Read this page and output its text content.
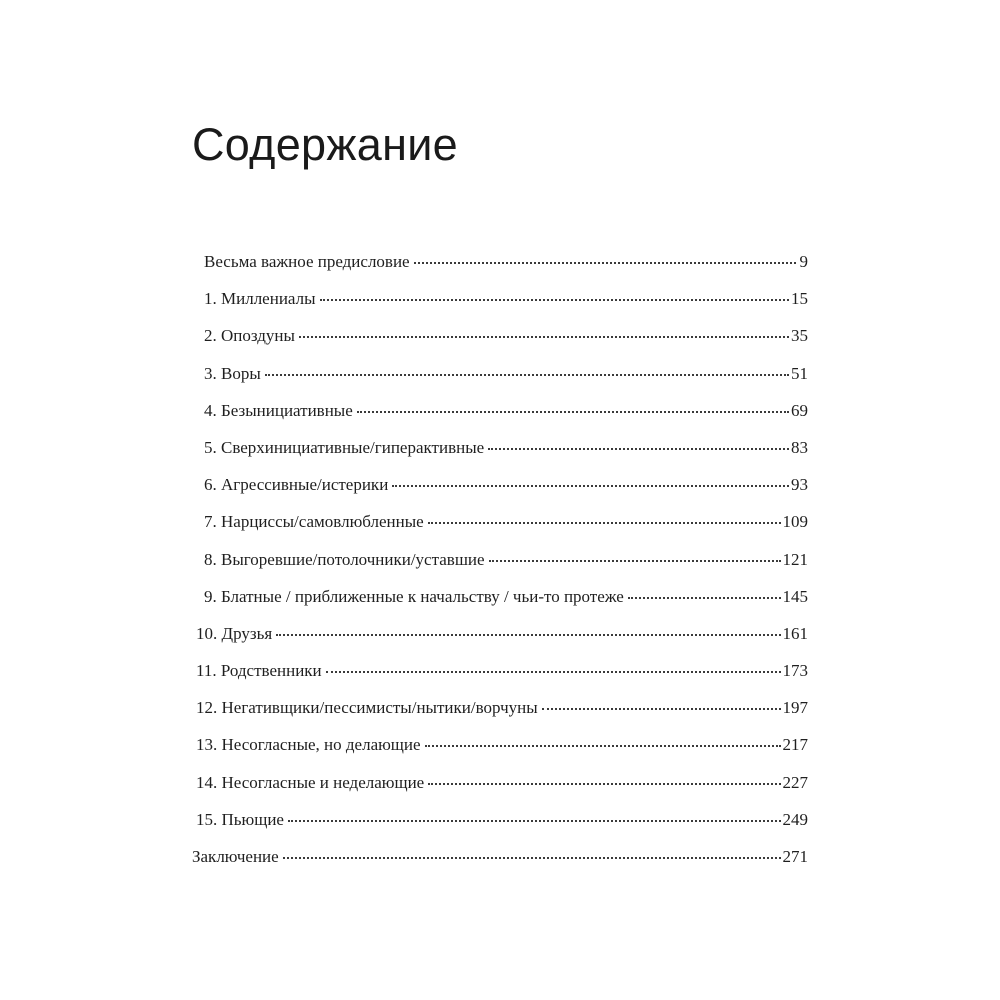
Содержание
Весьма важное предисловие	9
1. Миллениалы	15
2. Опоздуны	35
3. Воры	51
4. Безынициативные	69
5. Сверхинициативные/гиперактивные	83
6. Агрессивные/истерики	93
7. Нарциссы/самовлюбленные	109
8. Выгоревшие/потолочники/уставшие	121
9. Блатные / приближенные к начальству / чьи-то протеже	145
10. Друзья	161
11. Родственники	173
12. Негативщики/пессимисты/нытики/ворчуны	197
13. Несогласные, но делающие	217
14. Несогласные и неделающие	227
15. Пьющие	249
Заключение	271
